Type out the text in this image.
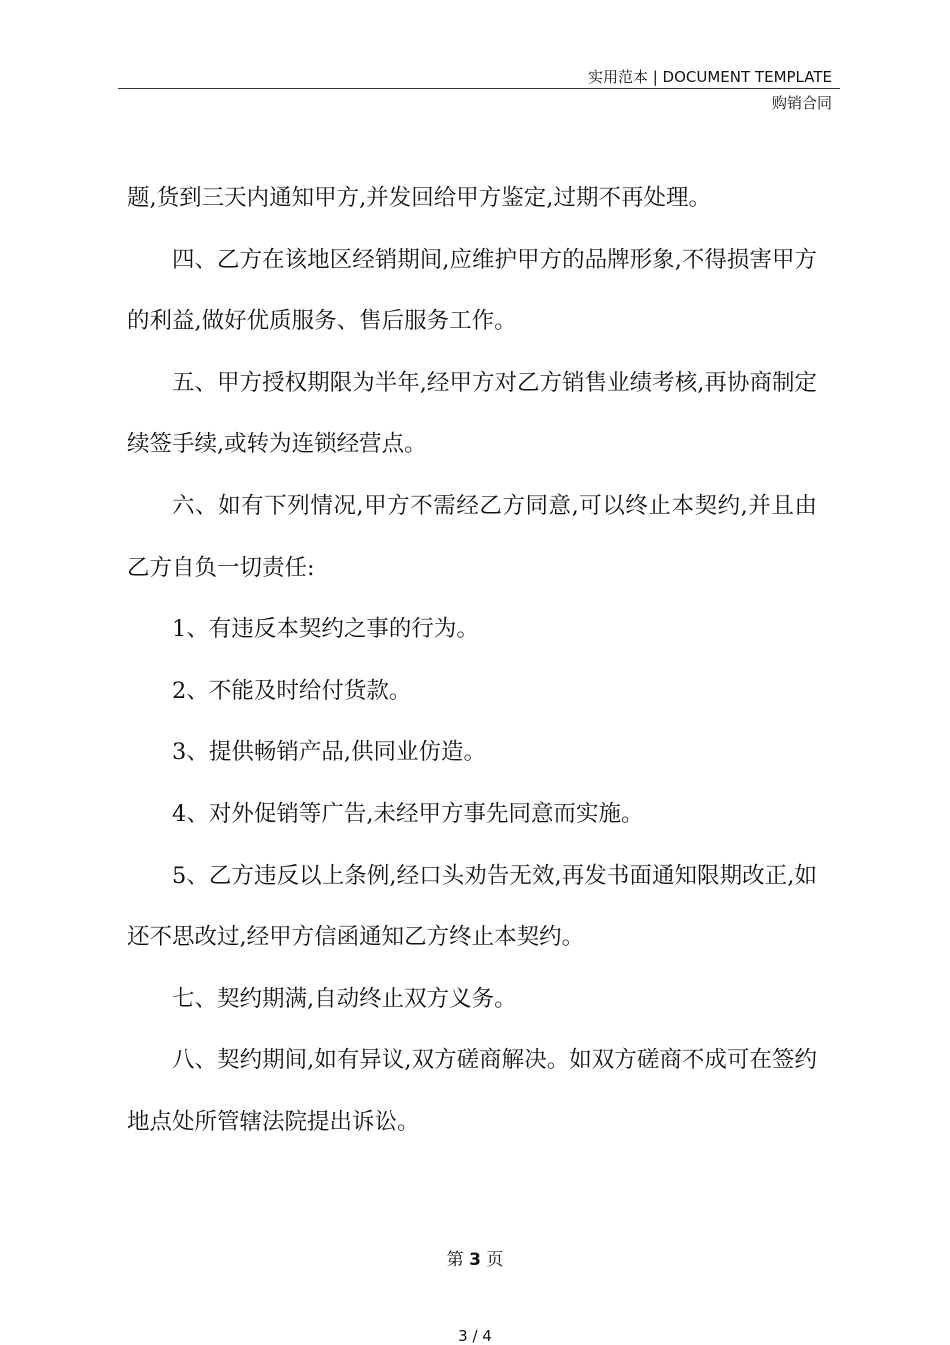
实用范本 | DOCUMENT TEMPLATE
购销合同

题,货到三天内通知甲方,并发回给甲方鉴定,过期不再处理。

四、乙方在该地区经销期间,应维护甲方的品牌形象,不得损害甲方的利益,做好优质服务、售后服务工作。

五、甲方授权期限为半年,经甲方对乙方销售业绩考核,再协商制定续签手续,或转为连锁经营点。

六、如有下列情况,甲方不需经乙方同意,可以终止本契约,并且由乙方自负一切责任:

1、有违反本契约之事的行为。

2、不能及时给付货款。

3、提供畅销产品,供同业仿造。

4、对外促销等广告,未经甲方事先同意而实施。

5、乙方违反以上条例,经口头劝告无效,再发书面通知限期改正,如还不思改过,经甲方信函通知乙方终止本契约。

七、契约期满,自动终止双方义务。

八、契约期间,如有异议,双方磋商解决。如双方磋商不成可在签约地点处所管辖法院提出诉讼。

第 3 页
3 / 4
